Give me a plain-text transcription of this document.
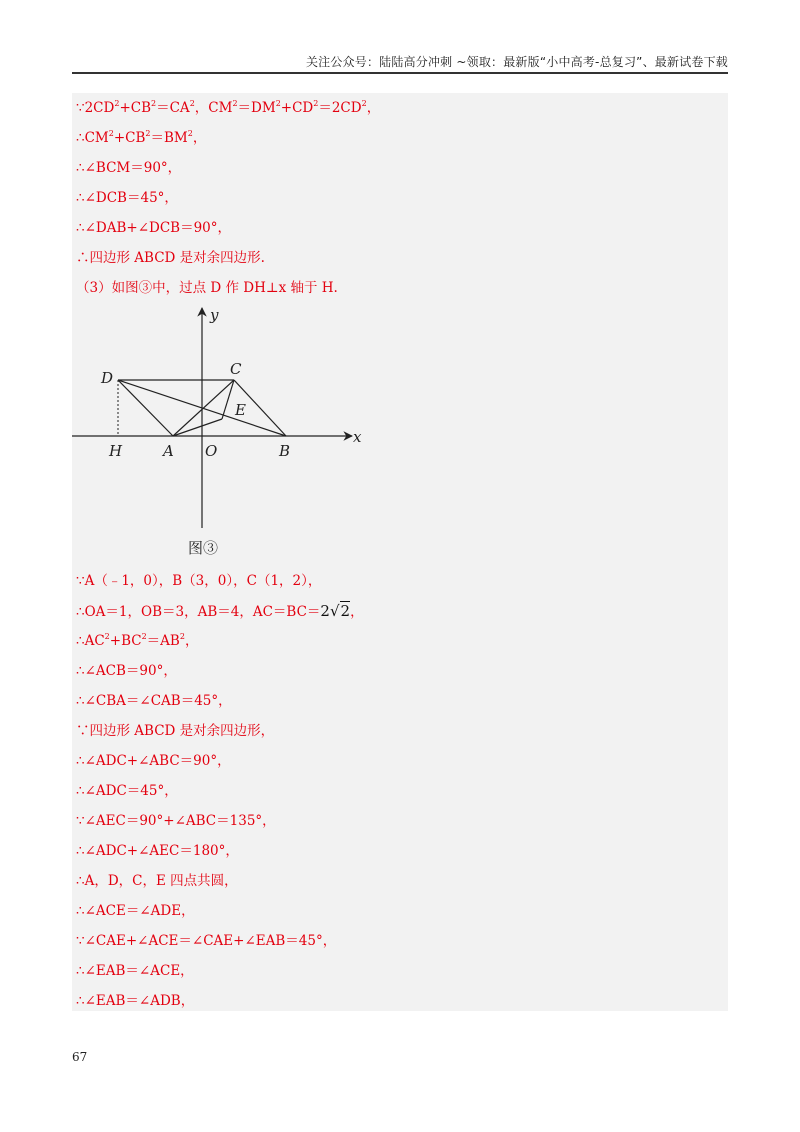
关注公众号：陆陆高分冲刺 ~领取：最新版“小中高考-总复习”、最新试卷下载
$\because 2CD^2+CB^2=CA^2$，$CM^2=DM^2+CD^2=2CD^2$，
$\therefore CM^2+CB^2=BM^2$，
∴∠BCM＝90°，
∴∠DCB＝45°，
∴∠DAB+∠DCB＝90°，
∴四边形 ABCD 是对余四边形.
（3）如图③中，过点 D 作 DH⊥x 轴于 H.
D	C
E
H	A O	B
x
y
图③
∵A（﹣1，0），B（3，0），C（1，2），
∴OA＝1，OB＝3，AB＝4，AC＝BC＝2√2，
$\therefore AC^2+BC^2=AB^2$，
∴∠ACB＝90°，
∴∠CBA＝∠CAB＝45°，
∵四边形 ABCD 是对余四边形，
∴∠ADC+∠ABC＝90°，
∴∠ADC＝45°，
∵∠AEC＝90°+∠ABC＝135°，
∴∠ADC+∠AEC＝180°，
∴A，D，C，E 四点共圆，
∴∠ACE＝∠ADE，
∵∠CAE+∠ACE＝∠CAE+∠EAB＝45°，
∴∠EAB＝∠ACE，
∴∠EAB＝∠ADB，
67
